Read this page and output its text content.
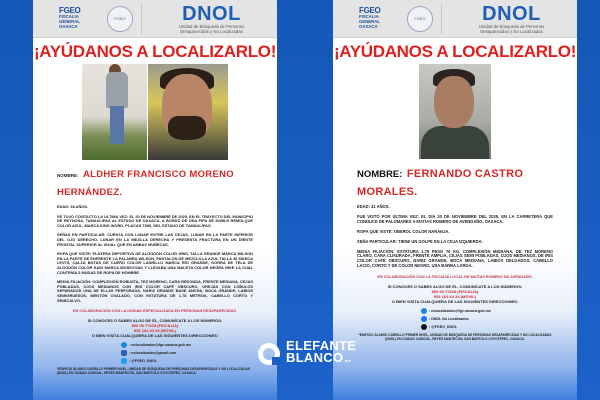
FGEO
FISCALIA
GENERAL
OAXACA
FGEO	DNOL
Unidad de Búsqueda de Personas
Desaparecidas y No Localizadas
¡AYÚDANOS A LOCALIZARLO!
NOMBRE: ALDHER FRANCISCO MORENO HERNÁNDEZ.
EDAD: 38 AÑOS.
SE TUVO CONTACTO LA ULTIMA VEZ: EL 20 DE NOVIEMBRE DE 2025, EN EL TRAYECTO DEL MUNICIPIO DE REYNOSA, TAMAULIPAS AL ESTADO DE OAXACA, A BORDO DE UNA PIPA DE DOBLE REMOLQUE COLOR AZUL, MARCA KING WORD, PLACAS T890, DEL ESTADO DE TAMAULIPAS.
SEÑAS EN PARTICULAR: CUENTA CON LUNAR ENTRE LAS CEJAS, LUNAR EN LA PARTE INFERIOR DEL OJO DERECHO, LUNAR EN LA MEJILLA DERECHA Y PRESENTA FRACTURA EN UN DIENTE FRONTAL SUPERIOR AL IGUAL QUE EN AMBAS MUÑECAS.
ROPA QUE VISTE: PLAYERA DEPORTIVA DE ALGODÓN COLOR GRIS, TALLA GRANDE MARCA WILSON EN LA PARTE DE ENFRENTE LA PALABRA WILSON, PANTALON DE MEZCLILLA AZUL TALLA 36 MARCA LEVI'S, CALZA BOTAS DE CUERO COLOR LADRILLO MARCA RÍO GRANDE, GORRA DE TELA DE ALGODÓN COLOR KAKI MARCA MOSSYOAK Y LLEVABA UNA MALETA COLOR NEGRA NIKE LA CUAL CONTENÍA 3 MUDAS DE ROPA DE HOMBRE.
MEDIA FILIACIÓN: COMPLEXIÓN ROBUSTA, TEZ MORENO, CARA REDONDA, FRENTE MEDIANA, CEJAS POBLADAS, OJOS MEDIANOS CON IRIS COLOR CAFÉ OBSCURO, OREJAS CON LÓBULOS SEPARADOS UNA DE ELLAS PERFORADA, NARIZ GRANDE BASE ANCHA, BOCA GRANDE, LABIOS SEMIGRUESOS, MENTÓN OVALADO, CON ESTATURA DE 1.78 METROS, CABELLO CORTO Y SEMICALVO.
EN COLABORACIÓN CON LA UNIDAD ESPECIALIZADA EN PERSONAS DESAPARECIDAS.
SI CONOCES O SABES ALGO DE ÉL, COMUNÍCATE A LOS NÚMEROS:
800 00 77628 (FISCALÍA)
951 164 64 34 (MÓVIL)
O BIEN VISITA CUALQUIERA DE LAS SIGUIENTES DIRECCIONES:
: noloculizados@fge.oaxaca.gob.mx
: nolocalizados@gmail.com
: @FGEO_DNOL
*EDIFICIO ÁLVARO CARRILLO PRIMER NIVEL, UNIDAD DE BÚSQUEDA DE PERSONAS DESAPARECIDAS Y NO LOCALIZADAS (DNOL) EN CIUDAD JUDICIAL, REYES MANTECÓN, SAN BARTOLO COYOTEPEC, OAXACA.
FGEO
FISCALIA
GENERAL
OAXACA
FGEO	DNOL
Unidad de Búsqueda de Personas
Desaparecidas y No Localizadas
¡AYÚDANOS A LOCALIZARLO!
NOMBRE: FERNANDO CASTRO MORALES.
EDAD: 41 AÑOS.
FUE VISTO POR ÚLTIMA VEZ: EL DÍA 20 DE NOVIEMBRE DEL 2025, EN LA CARRETERA QUE CONDUCE DE PALOMARES A MATÍAS ROMERO DE AVENDAÑO, OAXACA.
ROPA QUE VISTE: OBEROL COLOR NARANJA.
SEÑA PARTICULAR: TIENE UN GOLPE EN LA CEJA IZQUIERDA.
MEDIA FILIACIÓN: ESTATURA 1.78 PESO 70 KG. COMPLEXIÓN MEDIANA, DE TEZ MORENO CLARO, CARA CUADRADA, FRENTE AMPLIA, CEJAS SEMI POBLADAS, OJOS MEDIANOS, DE IRIS COLOR CAFÉ OBSCURO, NARIZ GRANDE, BOCA MEDIANA, LABIOS DELGADOS, CABELLO LACIO, CORTO Y DE COLOR NEGRO, USA BARBA LARGA.
EN COLABORACIÓN CON LA FISCALÍA LOCAL DE MATÍAS ROMERO DE AVENDAÑO.
SI CONOCES O SABES ALGO DE ÉL, COMUNÍCATE A LOS NÚMEROS:
800 00 77628 (FISCALÍA)
951 164 64 34 (MÓVIL)
O BIEN VISITA CUALQUIERA DE LAS SIGUIENTES DIRECCIONES:
: nolocalizados@fge.oaxaca.gob.mx
: DNOL No Localizados
: @FGEO_DNOL
*EDIFICIO ÁLVARO CARRILLO PRIMER NIVEL, UNIDAD DE BÚSQUEDA DE PERSONAS DESAPARECIDAS Y NO LOCALIZADAS (DNOL) EN CIUDAD JUDICIAL, REYES MANTECÓN, SAN BARTOLO COYOTEPEC, OAXACA.
ELEFANTE
BLANCO.mx
